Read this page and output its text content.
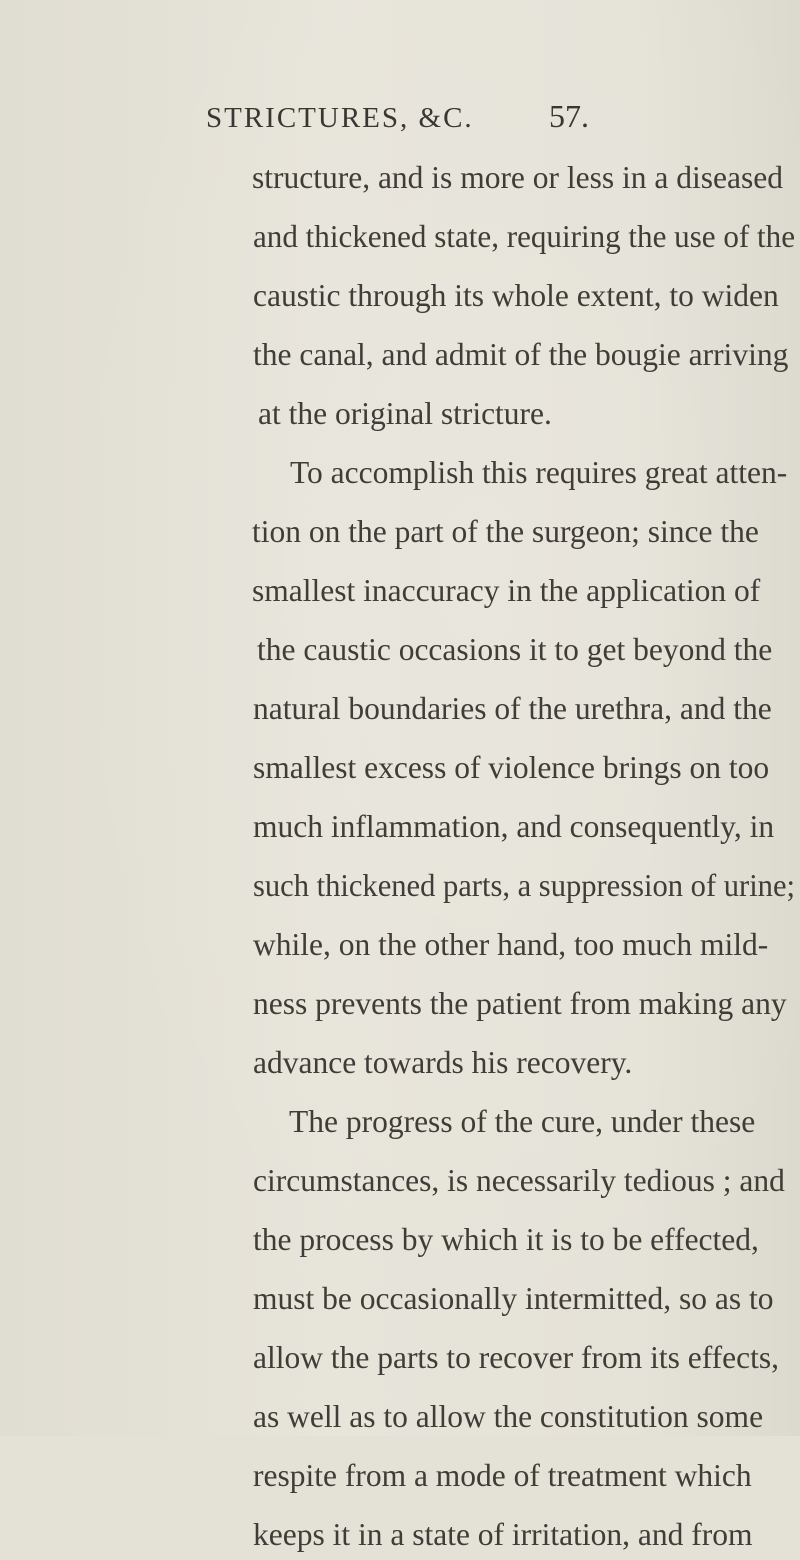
STRICTURES, &C. 57.
structure, and is more or less in a diseased
and thickened state, requiring the use of the
caustic through its whole extent, to widen
the canal, and admit of the bougie arriving
at the original stricture.
To accomplish this requires great atten-
tion on the part of the surgeon; since the
smallest inaccuracy in the application of
the caustic occasions it to get beyond the
natural boundaries of the urethra, and the
smallest excess of violence brings on too
much inflammation, and consequently, in
such thickened parts, a suppression of urine;
while, on the other hand, too much mild-
ness prevents the patient from making any
advance towards his recovery.
The progress of the cure, under these
circumstances, is necessarily tedious ; and
the process by which it is to be effected,
must be occasionally intermitted, so as to
allow the parts to recover from its effects,
as well as to allow the constitution some
respite from a mode of treatment which
keeps it in a state of irritation, and from
